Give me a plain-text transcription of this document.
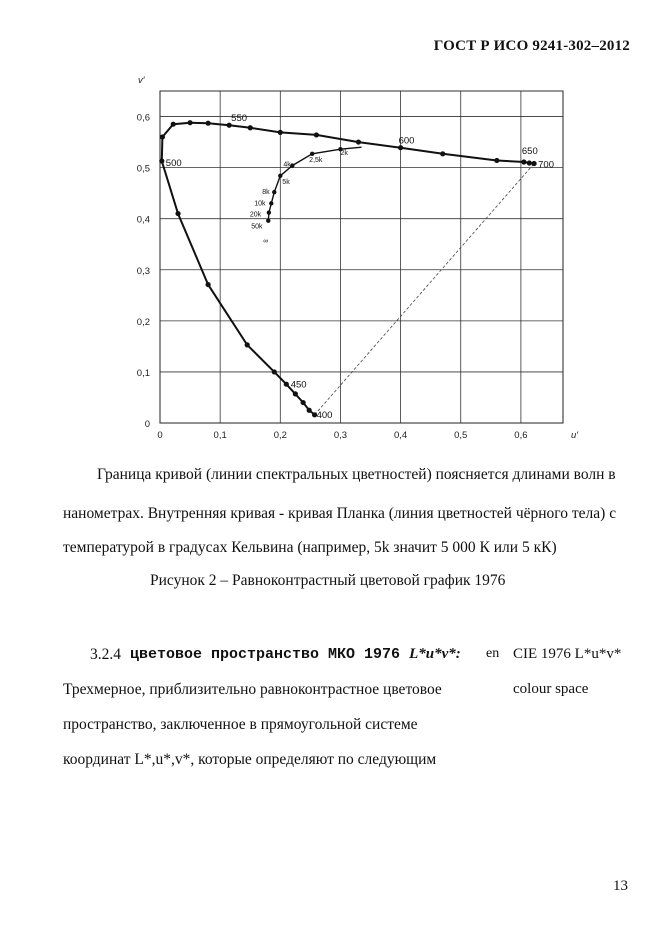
ГОСТ Р ИСО 9241-302–2012
0	0,1	0,2	0,3	0,4	0,5	0,6
0
0,1
0,2
0,3
0,4
0,5
0,6
u′
v′
400
450
500
550
600
650
700
2k
2,5k
4k
5k
8k
10k
20k
50k
∞
Граница кривой (линии спектральных цветностей) поясняется длинами волн в
нанометрах. Внутренняя кривая - кривая Планка (линия цветностей чёрного тела) с
температурой в градусах Кельвина (например, 5k значит 5 000 К или 5 кК)
Рисунок 2 – Равноконтрастный цветовой график 1976
3.2.4 цветовое пространство МКО 1976 L*u*v*: en CIE 1976 L*u*v*
colour space
Трехмерное, приблизительно равноконтрастное цветовое
пространство, заключенное в прямоугольной системе
координат L*,u*,v*, которые определяют по следующим
13
